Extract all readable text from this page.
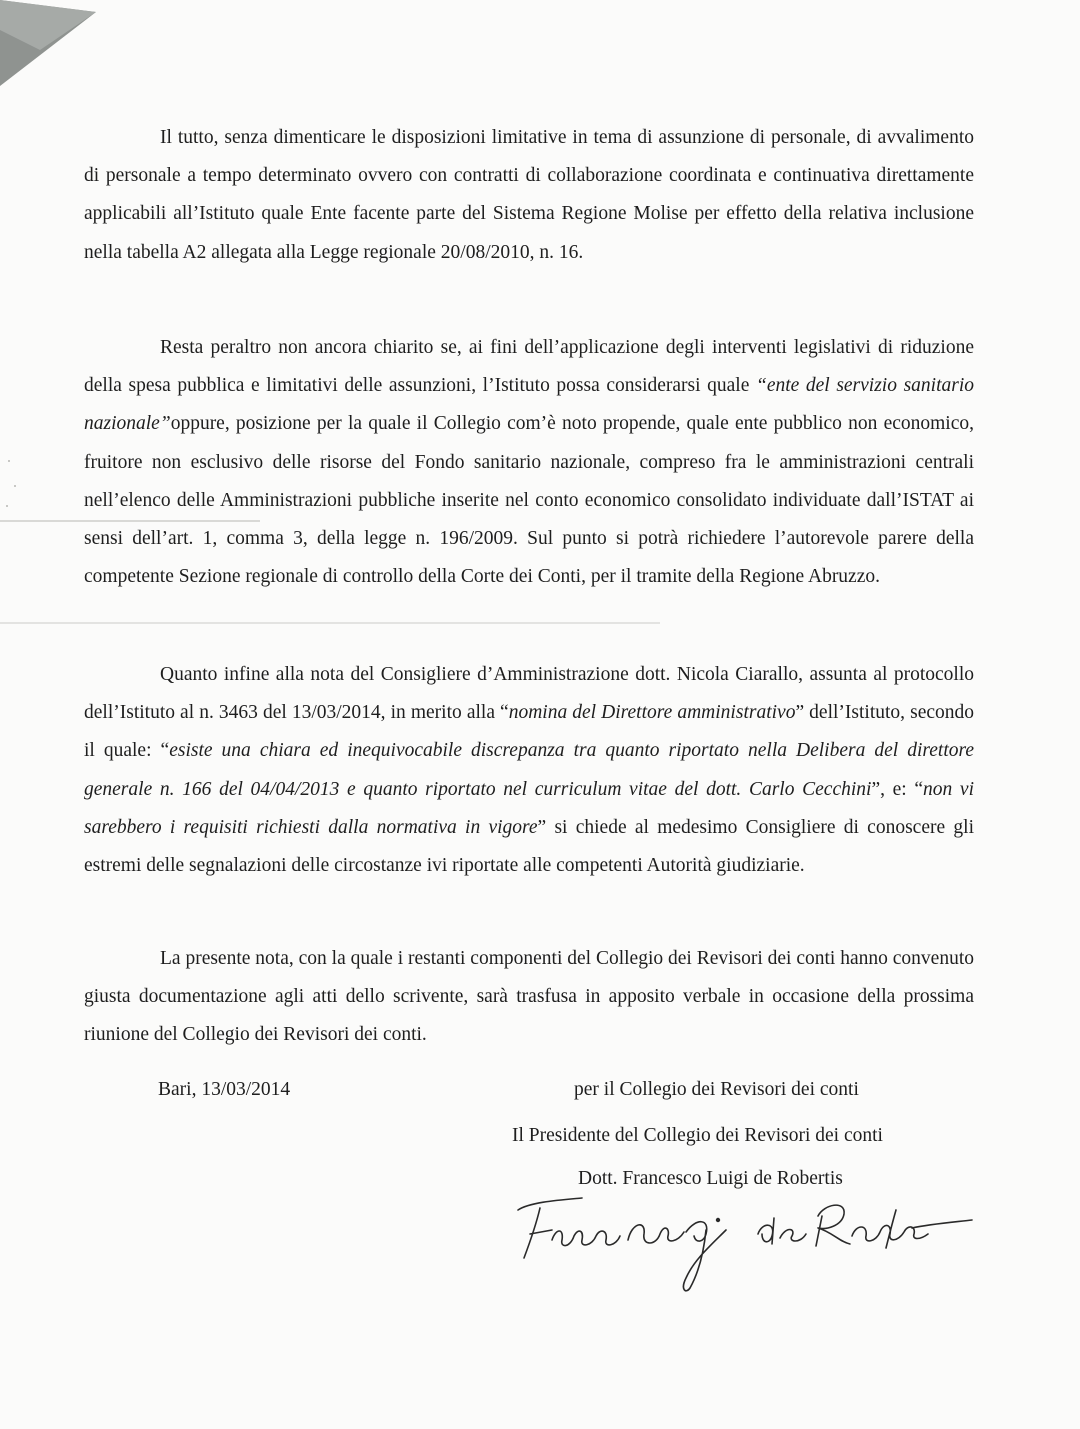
Il tutto, senza dimenticare le disposizioni limitative in tema di assunzione di personale, di avvalimento di personale a tempo determinato ovvero con contratti di collaborazione coordinata e continuativa direttamente applicabili all’Istituto quale Ente facente parte del Sistema Regione Molise per effetto della relativa inclusione nella tabella A2 allegata alla Legge regionale 20/08/2010, n. 16.

Resta peraltro non ancora chiarito se, ai fini dell’applicazione degli interventi legislativi di riduzione della spesa pubblica e limitativi delle assunzioni, l’Istituto possa considerarsi quale “ente del servizio sanitario nazionale”oppure, posizione per la quale il Collegio com’è noto propende, quale ente pubblico non economico, fruitore non esclusivo delle risorse del Fondo sanitario nazionale, compreso fra le amministrazioni centrali nell’elenco delle Amministrazioni pubbliche inserite nel conto economico consolidato individuate dall’ISTAT ai sensi dell’art. 1, comma 3, della legge n. 196/2009. Sul punto si potrà richiedere l’autorevole parere della competente Sezione regionale di controllo della Corte dei Conti, per il tramite della Regione Abruzzo.

Quanto infine alla nota del Consigliere d’Amministrazione dott. Nicola Ciarallo, assunta al protocollo dell’Istituto al n. 3463 del 13/03/2014, in merito alla “nomina del Direttore amministrativo” dell’Istituto, secondo il quale: “esiste una chiara ed inequivocabile discrepanza tra quanto riportato nella Delibera del direttore generale n. 166 del 04/04/2013 e quanto riportato nel curriculum vitae del dott. Carlo Cecchini”, e: “non vi sarebbero i requisiti richiesti dalla normativa in vigore” si chiede al medesimo Consigliere di conoscere gli estremi delle segnalazioni delle circostanze ivi riportate alle competenti Autorità giudiziarie.

La presente nota, con la quale i restanti componenti del Collegio dei Revisori dei conti hanno convenuto giusta documentazione agli atti dello scrivente, sarà trasfusa in apposito verbale in occasione della prossima riunione del Collegio dei Revisori dei conti.

Bari, 13/03/2014	per il Collegio dei Revisori dei conti

Il Presidente del Collegio dei Revisori dei conti

Dott. Francesco Luigi de Robertis
